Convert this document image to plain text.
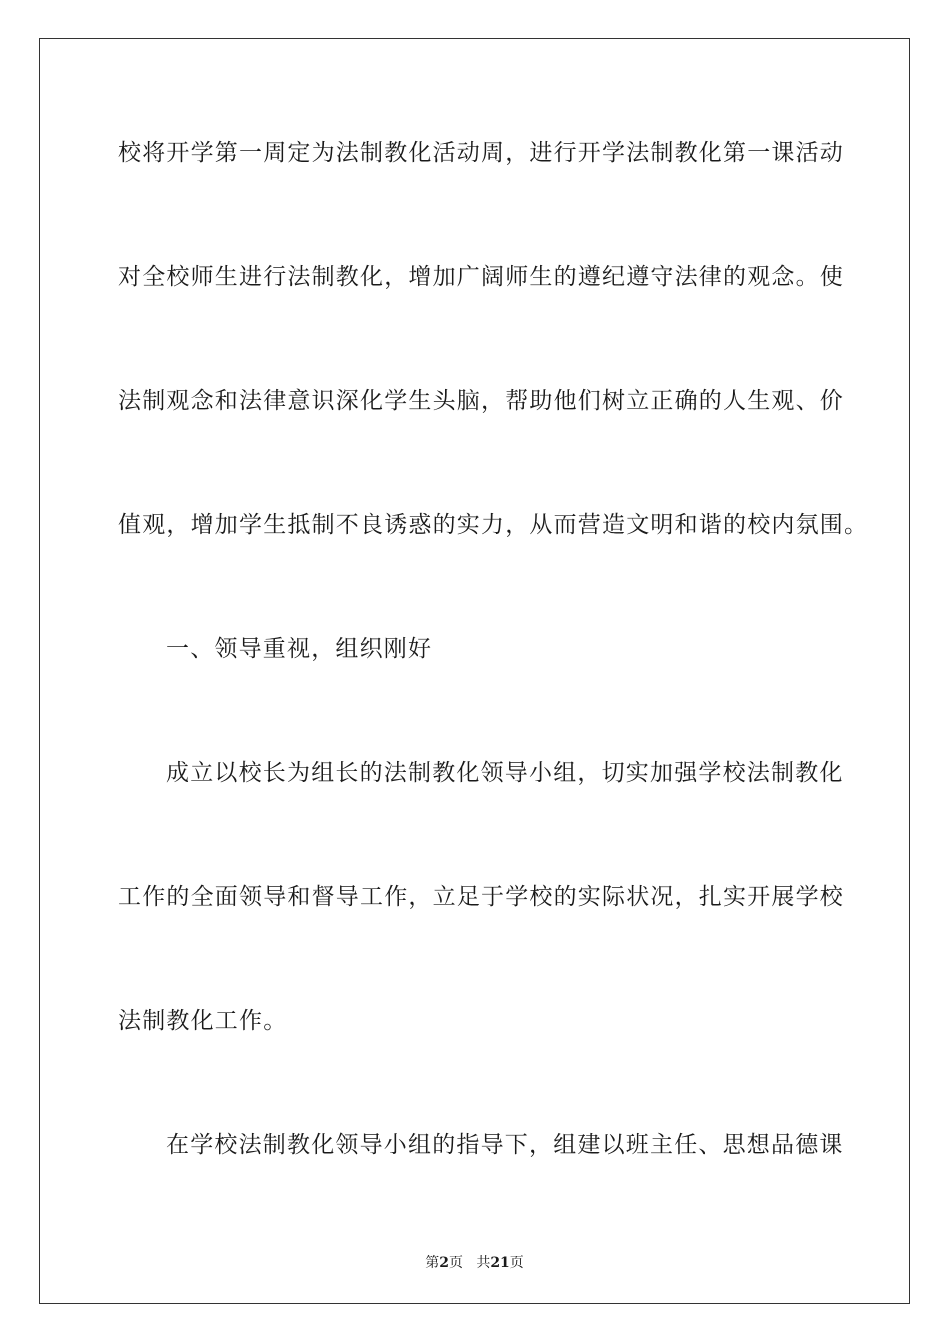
校将开学第一周定为法制教化活动周，进行开学法制教化第一课活动

对全校师生进行法制教化，增加广阔师生的遵纪遵守法律的观念。使

法制观念和法律意识深化学生头脑，帮助他们树立正确的人生观、价

值观，增加学生抵制不良诱惑的实力，从而营造文明和谐的校内氛围。

一、领导重视，组织刚好

成立以校长为组长的法制教化领导小组，切实加强学校法制教化

工作的全面领导和督导工作，立足于学校的实际状况，扎实开展学校

法制教化工作。

在学校法制教化领导小组的指导下，组建以班主任、思想品德课

第2页 共21页
